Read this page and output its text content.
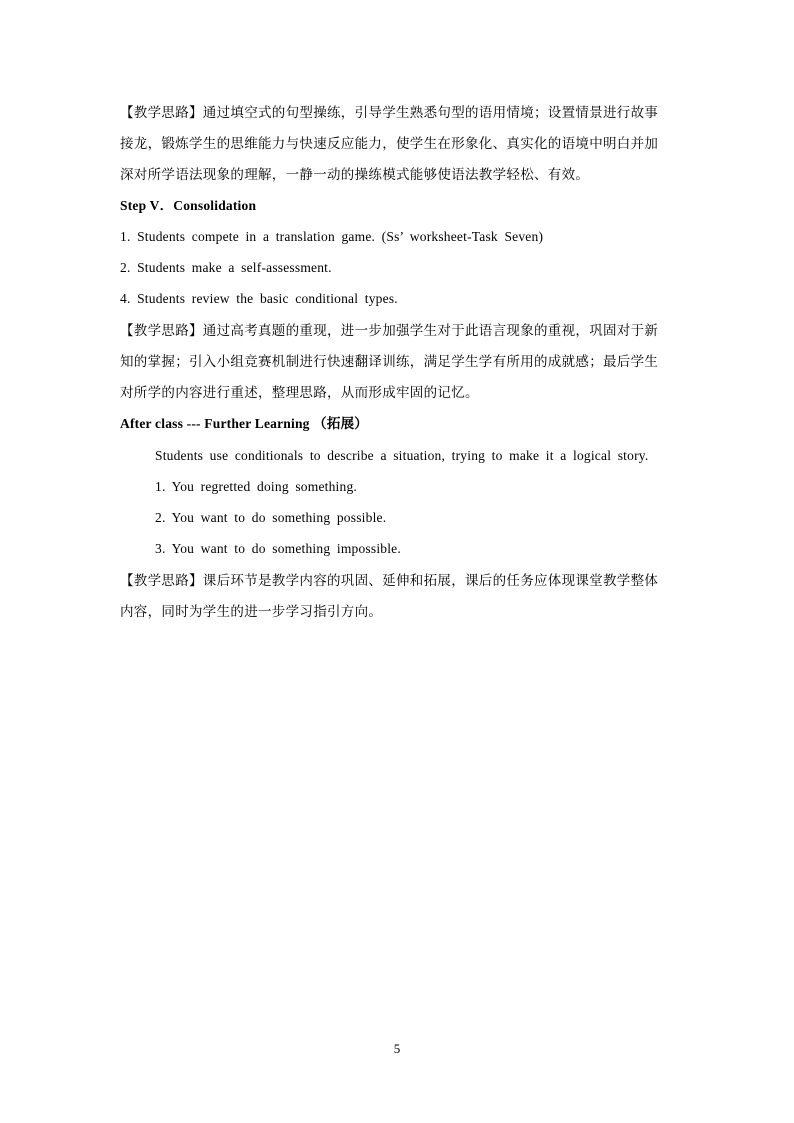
【教学思路】通过填空式的句型操练，引导学生熟悉句型的语用情境；设置情景进行故事
接龙，锻炼学生的思维能力与快速反应能力，使学生在形象化、真实化的语境中明白并加
深对所学语法现象的理解，一静一动的操练模式能够使语法教学轻松、有效。
Step V．Consolidation
1. Students compete in a translation game. (Ss’ worksheet-Task Seven)
2. Students make a self-assessment.
4. Students review the basic conditional types.
【教学思路】通过高考真题的重现，进一步加强学生对于此语言现象的重视，巩固对于新
知的掌握；引入小组竞赛机制进行快速翻译训练，满足学生学有所用的成就感；最后学生
对所学的内容进行重述，整理思路，从而形成牢固的记忆。
After class --- Further Learning （拓展）
Students use conditionals to describe a situation, trying to make it a logical story.
1. You regretted doing something.
2. You want to do something possible.
3. You want to do something impossible.
【教学思路】课后环节是教学内容的巩固、延伸和拓展，课后的任务应体现课堂教学整体
内容，同时为学生的进一步学习指引方向。
5
